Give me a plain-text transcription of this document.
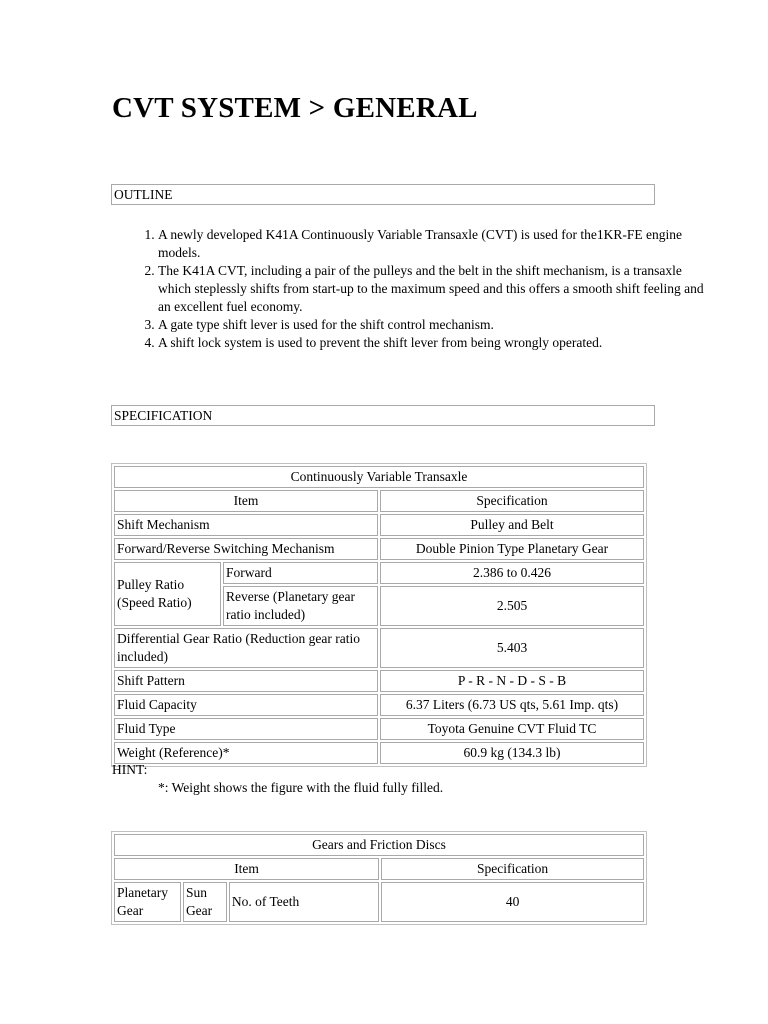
CVT SYSTEM > GENERAL
OUTLINE
1. A newly developed K41A Continuously Variable Transaxle (CVT) is used for the1KR-FE engine models.
2. The K41A CVT, including a pair of the pulleys and the belt in the shift mechanism, is a transaxle which steplessly shifts from start-up to the maximum speed and this offers a smooth shift feeling and an excellent fuel economy.
3. A gate type shift lever is used for the shift control mechanism.
4. A shift lock system is used to prevent the shift lever from being wrongly operated.
SPECIFICATION
Continuously Variable Transaxle		
Item		Specification
Shift Mechanism		Pulley and Belt
Forward/Reverse Switching Mechanism		Double Pinion Type Planetary Gear
Pulley Ratio (Speed Ratio)	Forward	2.386 to 0.426
	Reverse (Planetary gear ratio included)	2.505
Differential Gear Ratio (Reduction gear ratio included)		5.403
Shift Pattern		P - R - N - D - S - B
Fluid Capacity		6.37 Liters (6.73 US qts, 5.61 Imp. qts)
Fluid Type		Toyota Genuine CVT Fluid TC
Weight (Reference)*		60.9 kg (134.3 lb)
HINT:
*: Weight shows the figure with the fluid fully filled.
Gears and Friction Discs			
Item			Specification
Planetary Gear	Sun Gear	No. of Teeth	40
